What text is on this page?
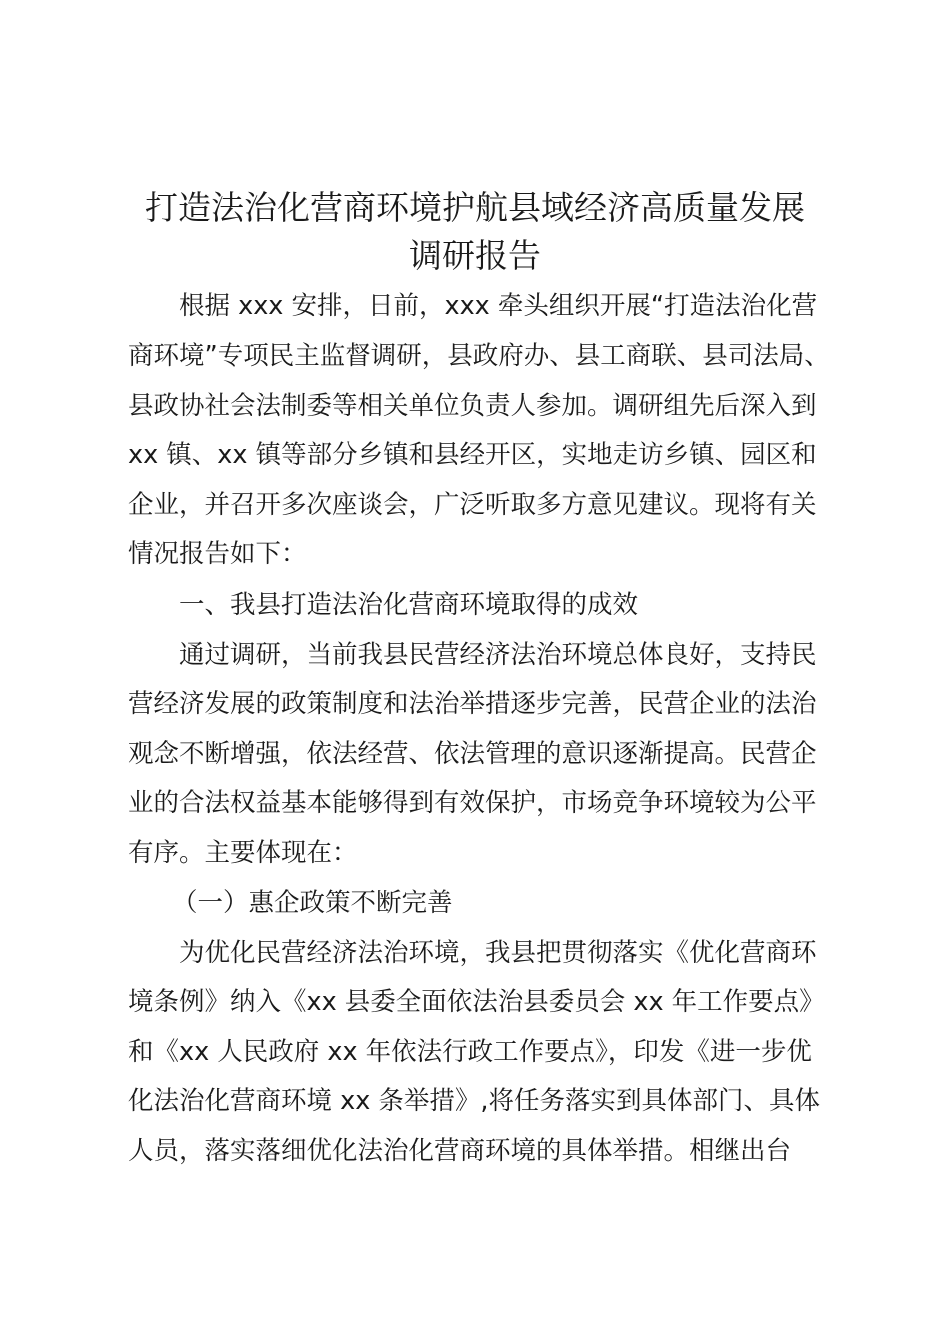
打造法治化营商环境护航县域经济高质量发展
调研报告

根据 xxx 安排，日前，xxx 牵头组织开展“打造法治化营

商环境”专项民主监督调研，县政府办、县工商联、县司法局、

县政协社会法制委等相关单位负责人参加。调研组先后深入到

xx 镇、xx 镇等部分乡镇和县经开区，实地走访乡镇、园区和

企业，并召开多次座谈会，广泛听取多方意见建议。现将有关

情况报告如下：

一、我县打造法治化营商环境取得的成效

通过调研，当前我县民营经济法治环境总体良好，支持民

营经济发展的政策制度和法治举措逐步完善，民营企业的法治

观念不断增强，依法经营、依法管理的意识逐渐提高。民营企

业的合法权益基本能够得到有效保护，市场竞争环境较为公平

有序。主要体现在：

（一）惠企政策不断完善

为优化民营经济法治环境，我县把贯彻落实《优化营商环

境条例》纳入《xx 县委全面依法治县委员会 xx 年工作要点》

和《xx 人民政府 xx 年依法行政工作要点》，印发《进一步优

化法治化营商环境 xx 条举措》,将任务落实到具体部门、具体

人员，落实落细优化法治化营商环境的具体举措。相继出台
